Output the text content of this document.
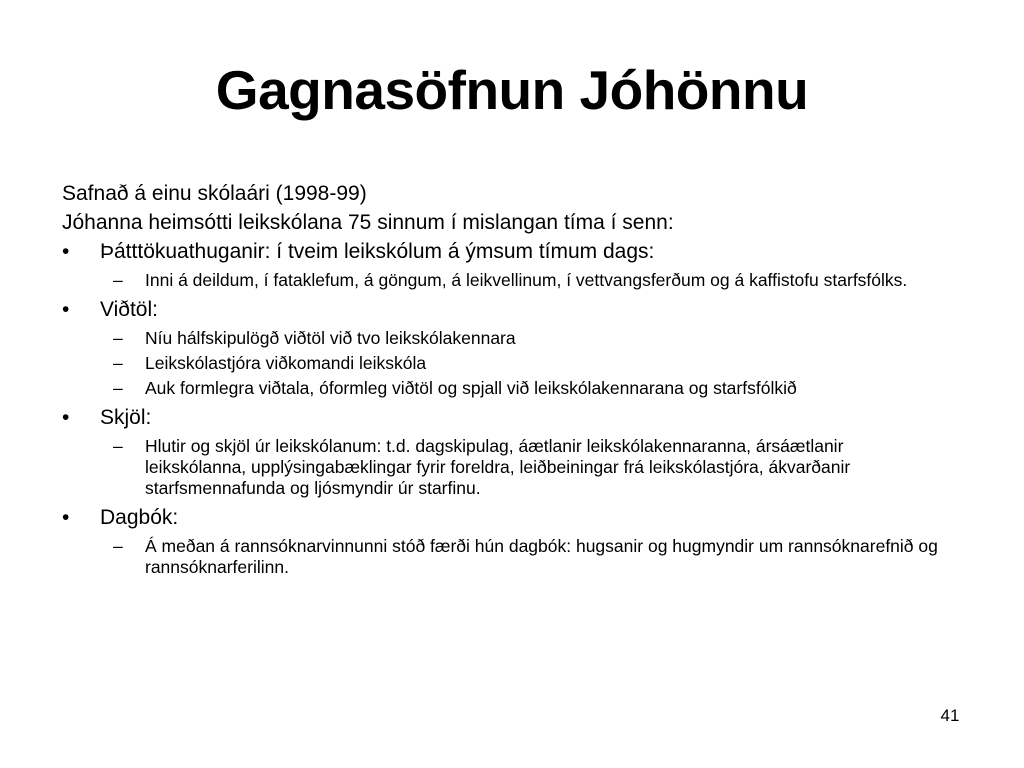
Gagnasöfnun Jóhönnu

Safnað á einu skólaári (1998-99)

Jóhanna heimsótti leikskólana 75 sinnum í mislangan tíma í senn:

•	Þátttökuathuganir: í tveim leikskólum á ýmsum tímum dags:
– Inni á deildum, í fataklefum, á göngum, á leikvellinum, í vettvangsferðum og á kaffistofu starfsfólks.
•	Viðtöl:
– Níu hálfskipulögð viðtöl við tvo leikskólakennara
– Leikskólastjóra viðkomandi leikskóla
– Auk formlegra viðtala, óformleg viðtöl og spjall við leikskólakennarana og starfsfólkið
•	Skjöl:
– Hlutir og skjöl úr leikskólanum: t.d. dagskipulag, áætlanir leikskólakennaranna, ársáætlanir leikskólanna, upplýsingabæklingar fyrir foreldra, leiðbeiningar frá leikskólastjóra, ákvarðanir starfsmennafunda og ljósmyndir úr starfinu.
•	Dagbók:
– Á meðan á rannsóknarvinnunni stóð færði hún dagbók: hugsanir og hugmyndir um rannsóknarefnið og rannsóknarferilinn.
41
